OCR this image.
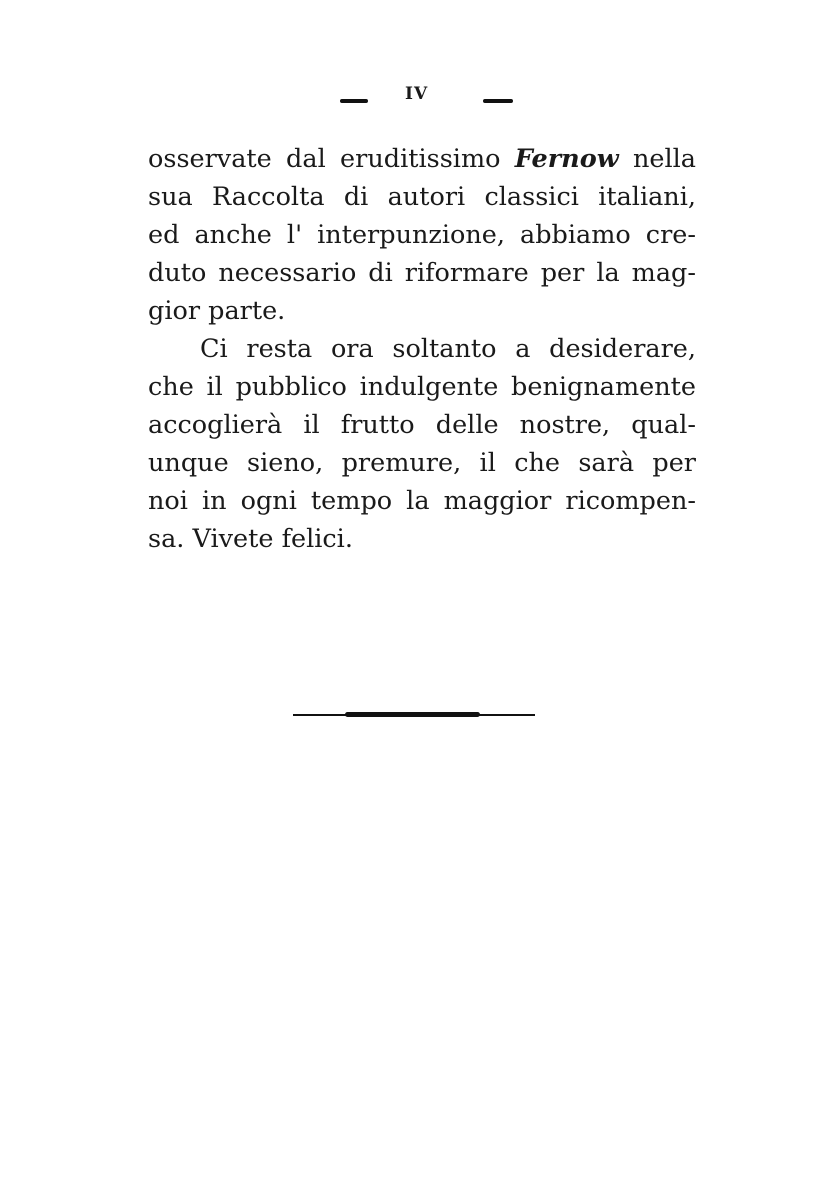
IV
osservate dal eruditissimo Fernow nella
sua Raccolta di autori classici italiani,
ed anche l' interpunzione, abbiamo cre-
duto necessario di riformare per la mag-
gior parte.
Ci resta ora soltanto a desiderare,
che il pubblico indulgente benignamente
accoglierà il frutto delle nostre, qual-
unque sieno, premure, il che sarà per
noi in ogni tempo la maggior ricompen-
sa. Vivete felici.
